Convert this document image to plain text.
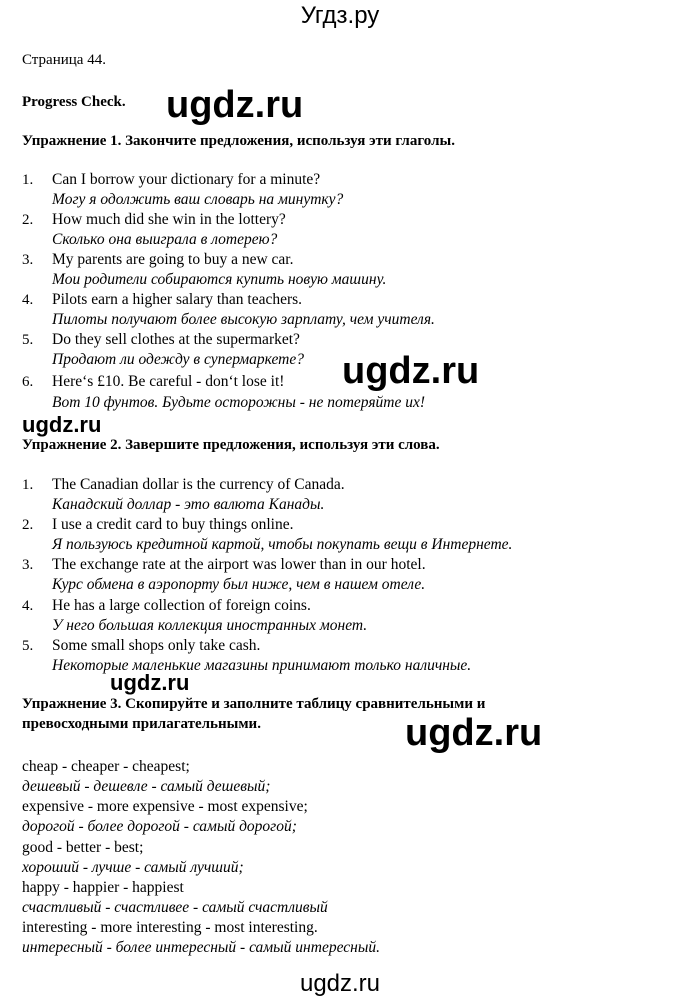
Угдз.ру
Страница 44.
Progress Check. ugdz.ru
Упражнение 1. Закончите предложения, используя эти глаголы.
1. Can I borrow your dictionary for a minute?
Могу я одолжить ваш словарь на минутку?
2. How much did she win in the lottery?
Сколько она выиграла в лотерею?
3. My parents are going to buy a new car.
Мои родители собираются купить новую машину.
4. Pilots earn a higher salary than teachers.
Пилоты получают более высокую зарплату, чем учителя.
5. Do they sell clothes at the supermarket?
Продают ли одежду в супермаркете?
6. Here‘s £10. Be careful - don‘t lose it!
Вот 10 фунтов. Будьте осторожны - не потеряйте их!
ugdz.ru
ugdz.ru
Упражнение 2. Завершите предложения, используя эти слова.
1. The Canadian dollar is the currency of Canada.
Канадский доллар - это валюта Канады.
2. I use a credit card to buy things online.
Я пользуюсь кредитной картой, чтобы покупать вещи в Интернете.
3. The exchange rate at the airport was lower than in our hotel.
Курс обмена в аэропорту был ниже, чем в нашем отеле.
4. He has a large collection of foreign coins.
У него большая коллекция иностранных монет.
5. Some small shops only take cash.
Некоторые маленькие магазины принимают только наличные.
ugdz.ru
Упражнение 3. Скопируйте и заполните таблицу сравнительными и
превосходными прилагательными.	ugdz.ru
cheap - cheaper - cheapest;
дешевый - дешевле - самый дешевый;
expensive - more expensive - most expensive;
дорогой - более дорогой - самый дорогой;
good - better - best;
хороший - лучше - самый лучший;
happy - happier - happiest
счастливый - счастливее - самый счастливый
interesting - more interesting - most interesting.
интересный - более интересный - самый интересный.
ugdz.ru
